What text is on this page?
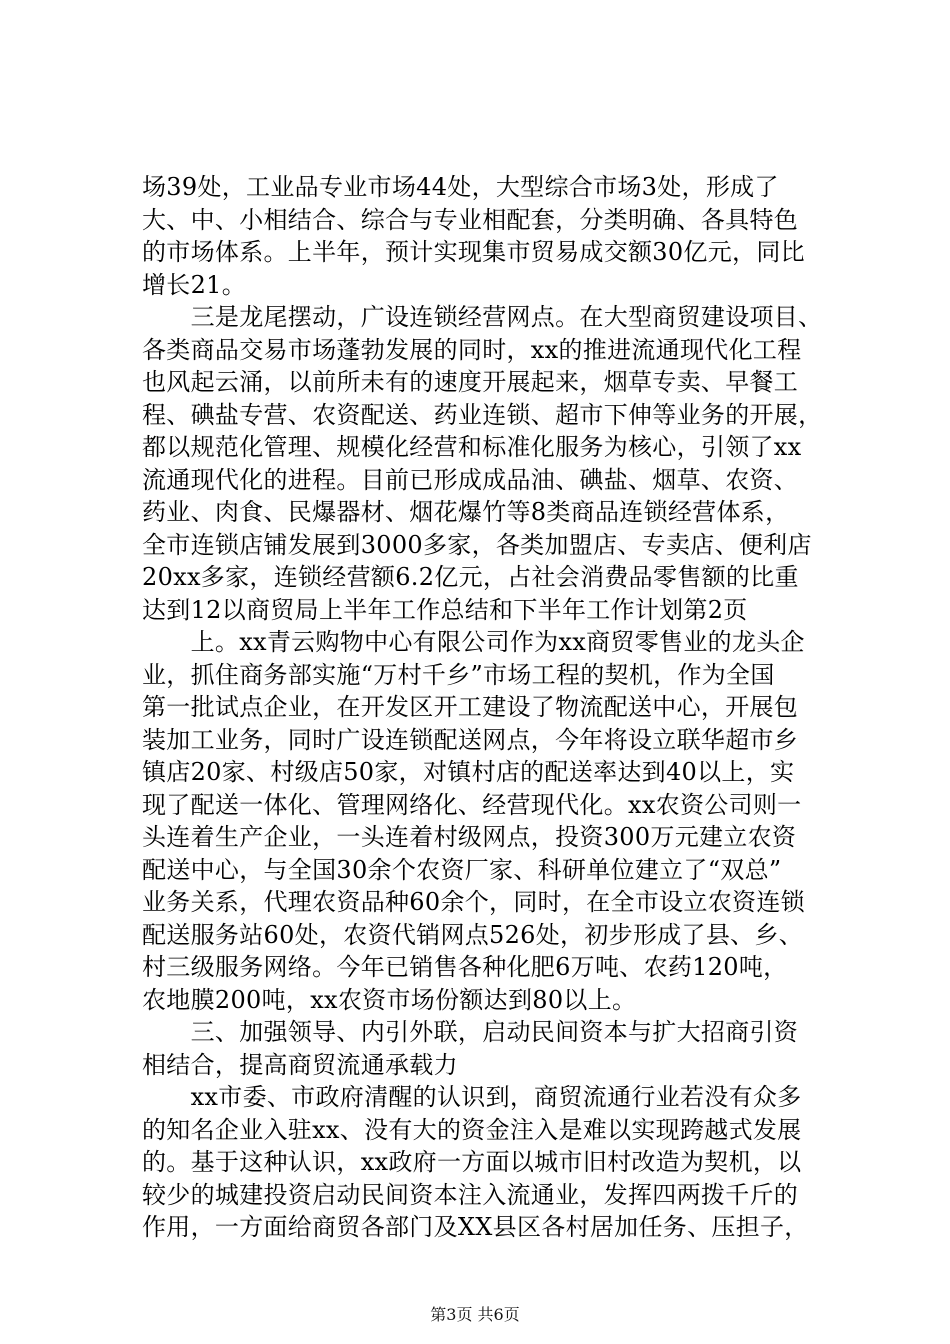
场39处，工业品专业市场44处，大型综合市场3处，形成了
大、中、小相结合、综合与专业相配套，分类明确、各具特色
的市场体系。上半年，预计实现集市贸易成交额30亿元，同比
增长21。
　　三是龙尾摆动，广设连锁经营网点。在大型商贸建设项目、
各类商品交易市场蓬勃发展的同时，xx的推进流通现代化工程
也风起云涌，以前所未有的速度开展起来，烟草专卖、早餐工
程、碘盐专营、农资配送、药业连锁、超市下伸等业务的开展，
都以规范化管理、规模化经营和标准化服务为核心，引领了xx
流通现代化的进程。目前已形成成品油、碘盐、烟草、农资、
药业、肉食、民爆器材、烟花爆竹等8类商品连锁经营体系，
全市连锁店铺发展到3000多家，各类加盟店、专卖店、便利店
20xx多家，连锁经营额6.2亿元，占社会消费品零售额的比重
达到12以商贸局上半年工作总结和下半年工作计划第2页
　　上。xx青云购物中心有限公司作为xx商贸零售业的龙头企
业，抓住商务部实施“万村千乡”市场工程的契机，作为全国
第一批试点企业，在开发区开工建设了物流配送中心，开展包
装加工业务，同时广设连锁配送网点，今年将设立联华超市乡
镇店20家、村级店50家，对镇村店的配送率达到40以上，实
现了配送一体化、管理网络化、经营现代化。xx农资公司则一
头连着生产企业，一头连着村级网点，投资300万元建立农资
配送中心，与全国30余个农资厂家、科研单位建立了“双总”
业务关系，代理农资品种60余个，同时，在全市设立农资连锁
配送服务站60处，农资代销网点526处，初步形成了县、乡、
村三级服务网络。今年已销售各种化肥6万吨、农药120吨，
农地膜200吨，xx农资市场份额达到80以上。
　　三、加强领导、内引外联，启动民间资本与扩大招商引资
相结合，提高商贸流通承载力
　　xx市委、市政府清醒的认识到，商贸流通行业若没有众多
的知名企业入驻xx、没有大的资金注入是难以实现跨越式发展
的。基于这种认识，xx政府一方面以城市旧村改造为契机，以
较少的城建投资启动民间资本注入流通业，发挥四两拨千斤的
作用，一方面给商贸各部门及XX县区各村居加任务、压担子，
第3页 共6页
